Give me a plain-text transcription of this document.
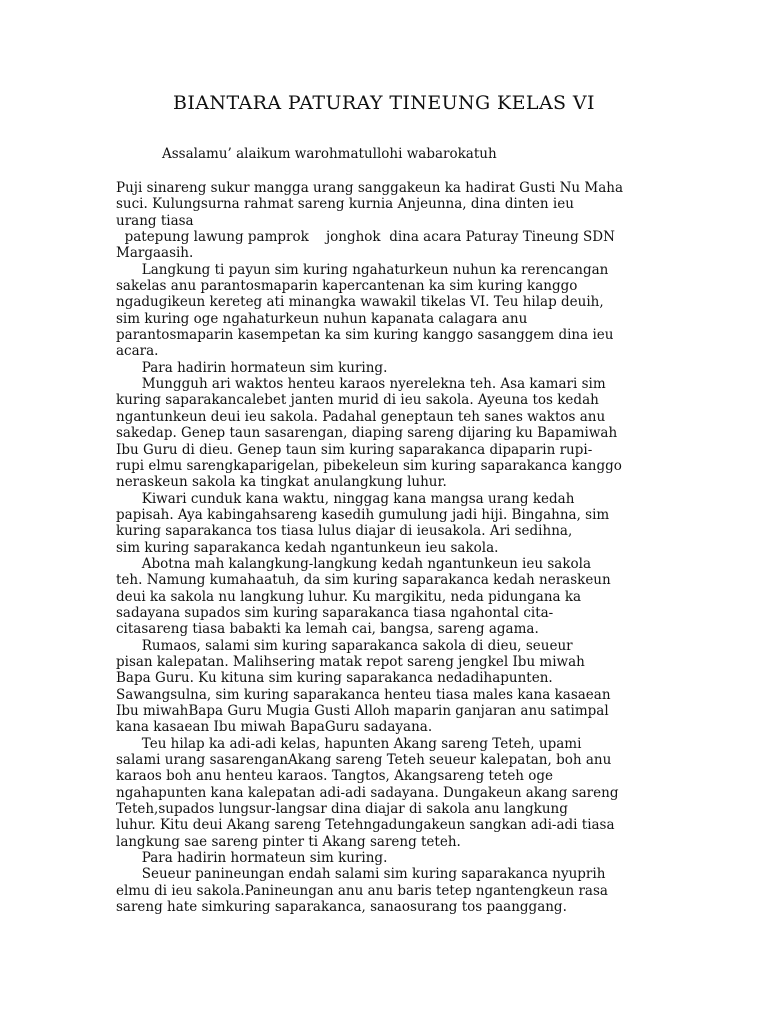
BIANTARA PATURAY TINEUNG KELAS VI
Assalamu’ alaikum warohmatullohi wabarokatuh
Puji sinareng sukur mangga urang sanggakeun ka hadirat Gusti Nu Maha
suci. Kulungsurna rahmat sareng kurnia Anjeunna, dina dinten ieu
urang tiasa
patepung lawung pamprok    jonghok  dina acara Paturay Tineung SDN
Margaasih.
Langkung ti payun sim kuring ngahaturkeun nuhun ka rerencangan
sakelas anu parantosmaparin kapercantenan ka sim kuring kanggo
ngadugikeun kereteg ati minangka wawakil tikelas VI. Teu hilap deuih,
sim kuring oge ngahaturkeun nuhun kapanata calagara anu
parantosmaparin kasempetan ka sim kuring kanggo sasanggem dina ieu
acara.
Para hadirin hormateun sim kuring.
Mungguh ari waktos henteu karaos nyerelekna teh. Asa kamari sim
kuring saparakancalebet janten murid di ieu sakola. Ayeuna tos kedah
ngantunkeun deui ieu sakola. Padahal geneptaun teh sanes waktos anu
sakedap. Genep taun sasarengan, diaping sareng dijaring ku Bapamiwah
Ibu Guru di dieu. Genep taun sim kuring saparakanca dipaparin rupi-
rupi elmu sarengkaparigelan, pibekeleun sim kuring saparakanca kanggo
neraskeun sakola ka tingkat anulangkung luhur.
Kiwari cunduk kana waktu, ninggag kana mangsa urang kedah
papisah. Aya kabingahsareng kasedih gumulung jadi hiji. Bingahna, sim
kuring saparakanca tos tiasa lulus diajar di ieusakola. Ari sedihna,
sim kuring saparakanca kedah ngantunkeun ieu sakola.
Abotna mah kalangkung-langkung kedah ngantunkeun ieu sakola
teh. Namung kumahaatuh, da sim kuring saparakanca kedah neraskeun
deui ka sakola nu langkung luhur. Ku margikitu, neda pidungana ka
sadayana supados sim kuring saparakanca tiasa ngahontal cita-
citasareng tiasa babakti ka lemah cai, bangsa, sareng agama.
Rumaos, salami sim kuring saparakanca sakola di dieu, seueur
pisan kalepatan. Malihsering matak repot sareng jengkel Ibu miwah
Bapa Guru. Ku kituna sim kuring saparakanca nedadihapunten.
Sawangsulna, sim kuring saparakanca henteu tiasa males kana kasaean
Ibu miwahBapa Guru Mugia Gusti Alloh maparin ganjaran anu satimpal
kana kasaean Ibu miwah BapaGuru sadayana.
Teu hilap ka adi-adi kelas, hapunten Akang sareng Teteh, upami
salami urang sasarenganAkang sareng Teteh seueur kalepatan, boh anu
karaos boh anu henteu karaos. Tangtos, Akangsareng teteh oge
ngahapunten kana kalepatan adi-adi sadayana. Dungakeun akang sareng
Teteh,supados lungsur-langsar dina diajar di sakola anu langkung
luhur. Kitu deui Akang sareng Tetehngadungakeun sangkan adi-adi tiasa
langkung sae sareng pinter ti Akang sareng teteh.
Para hadirin hormateun sim kuring.
Seueur panineungan endah salami sim kuring saparakanca nyuprih
elmu di ieu sakola.Panineungan anu anu baris tetep ngantengkeun rasa
sareng hate simkuring saparakanca, sanaosurang tos paanggang.
